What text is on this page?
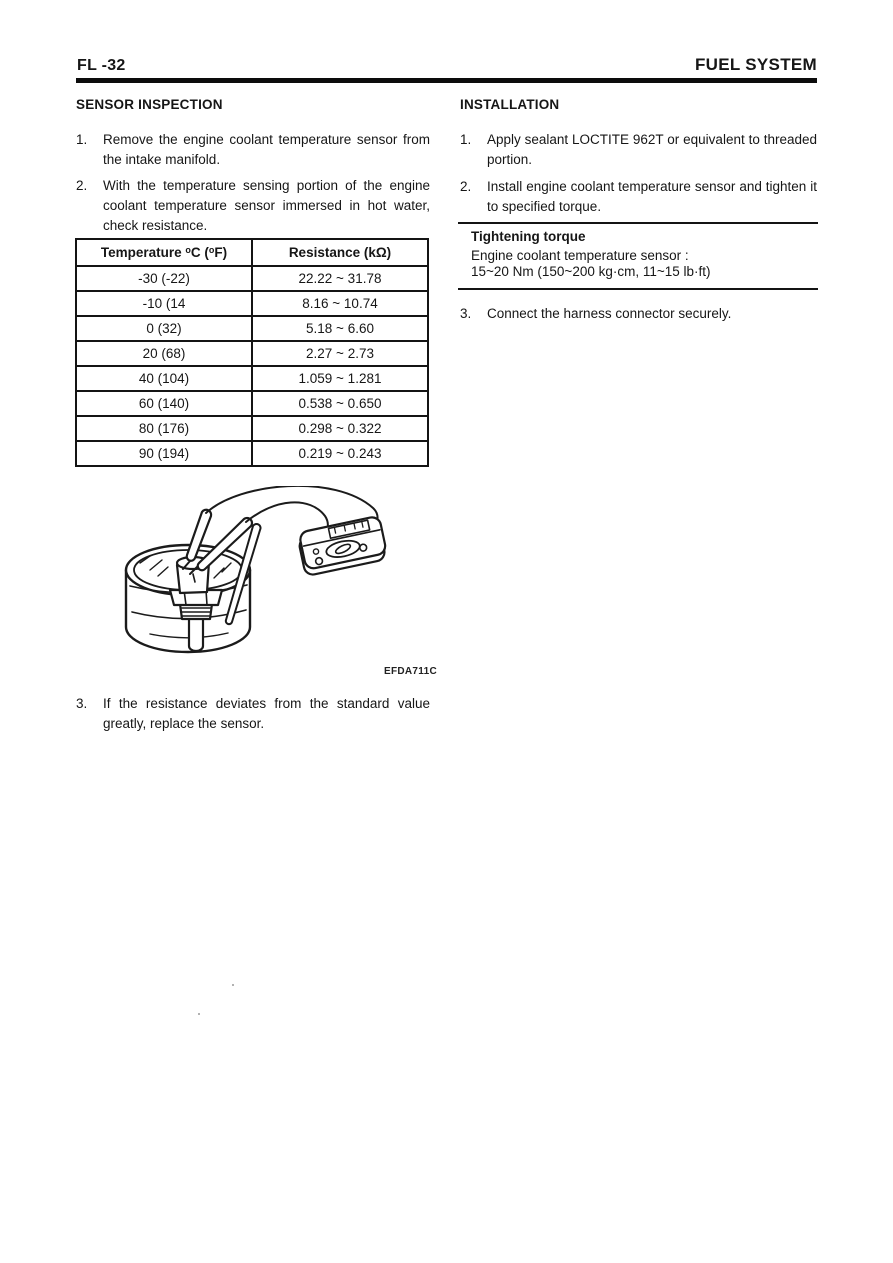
FL -32	FUEL SYSTEM
SENSOR INSPECTION
1.	Remove the engine coolant temperature sensor from the intake manifold.
2.	With the temperature sensing portion of the engine coolant temperature sensor immersed in hot water, check resistance.
Temperature $^o$C ($^o$F)	Resistance (kΩ)
-30 (-22)	22.22 ~ 31.78
-10 (14	8.16 ~ 10.74
0 (32)	5.18 ~ 6.60
20 (68)	2.27 ~ 2.73
40 (104)	1.059 ~ 1.281
60 (140)	0.538 ~ 0.650
80 (176)	0.298 ~ 0.322
90 (194)	0.219 ~ 0.243
EFDA711C
3.	If the resistance deviates from the standard value greatly, replace the sensor.
INSTALLATION
1.	Apply sealant LOCTITE 962T or equivalent to threaded portion.
2.	Install engine coolant temperature sensor and tighten it to specified torque.
Tightening torque
Engine coolant temperature sensor :
15~20 Nm (150~200 kg·cm, 11~15 lb·ft)
3.	Connect the harness connector securely.
